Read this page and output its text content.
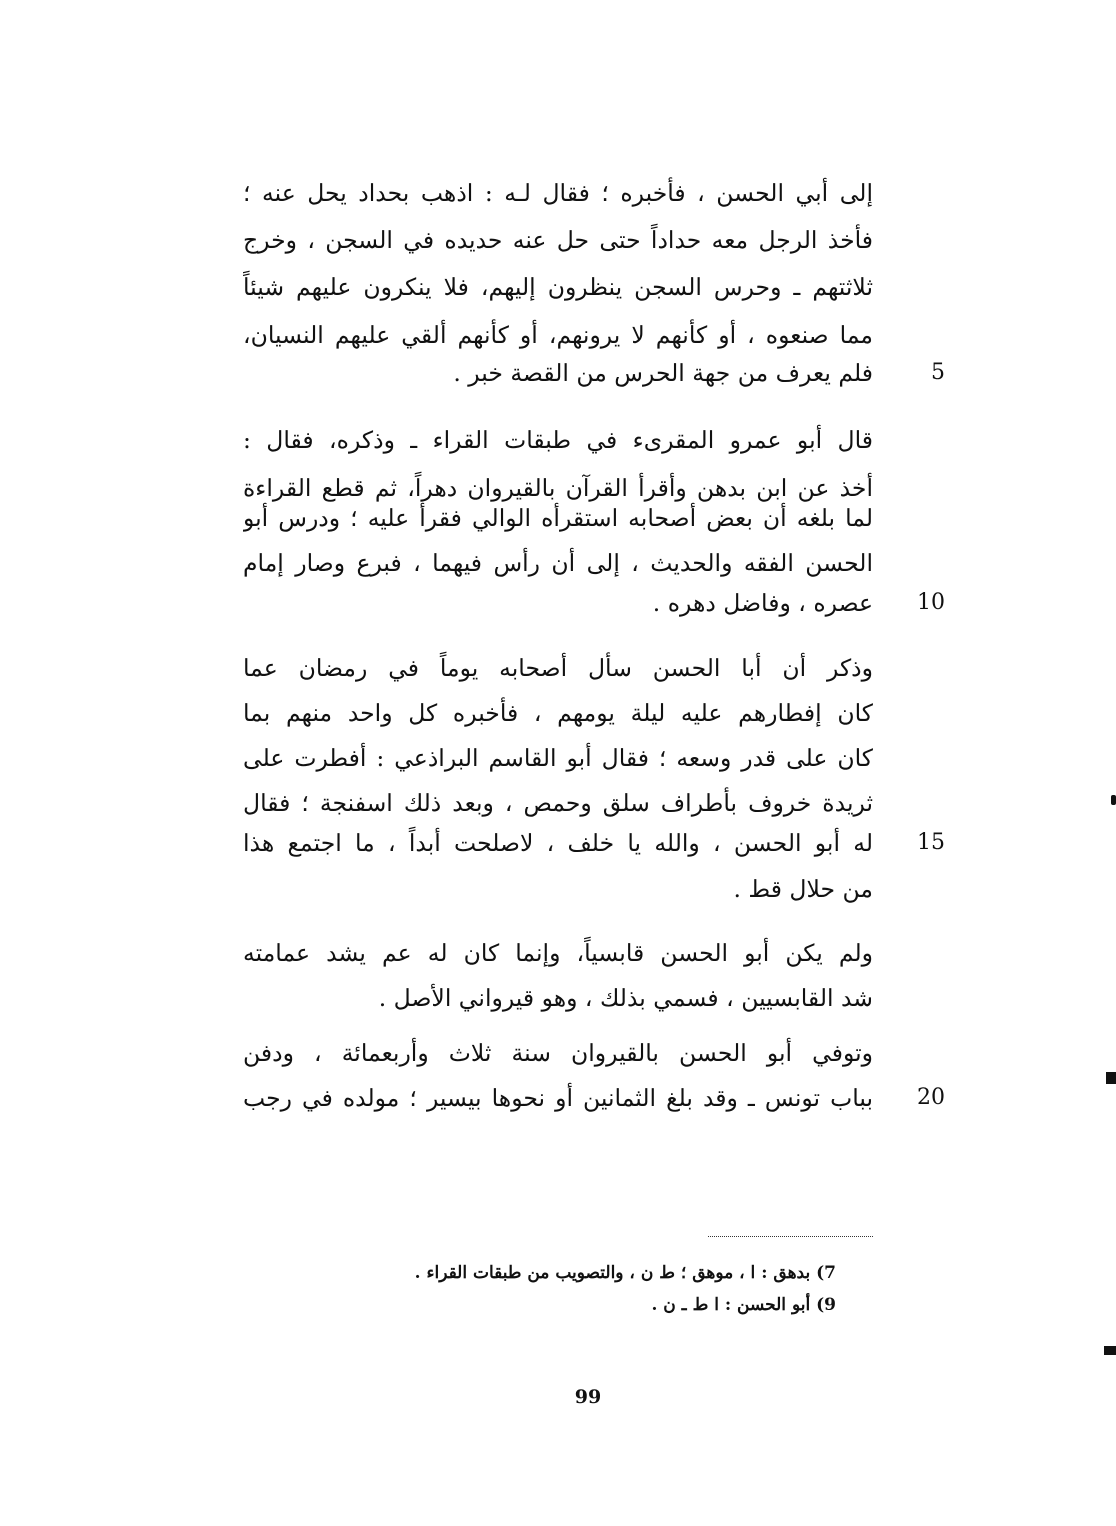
إلى أبي الحسن ، فأخبره ؛ فقال لـه : اذهب بحداد يحل عنه ؛
فأخذ الرجل معه حداداً حتى حل عنه حديده في السجن ، وخرج
ثلاثتهم ـ وحرس السجن ينظرون إليهم، فلا ينكرون عليهم شيئاً
مما صنعوه ، أو كأنهم لا يرونهم، أو كأنهم ألقي عليهم النسيان،
فلم يعرف من جهة الحرس من القصة خبر .	5
قال أبو عمرو المقرىء في طبقات القراء ـ وذكره، فقال :
أخذ عن ابن بدهن وأقرأ القرآن بالقيروان دهراً، ثم قطع القراءة
لما بلغه أن بعض أصحابه استقرأه الوالي فقرأ عليه ؛ ودرس أبو
الحسن الفقه والحديث ، إلى أن رأس فيهما ، فبرع وصار إمام
عصره ، وفاضل دهره .	10
وذكر أن أبا الحسن سأل أصحابه يوماً في رمضان عما
كان إفطارهم عليه ليلة يومهم ، فأخبره كل واحد منهم بما
كان على قدر وسعه ؛ فقال أبو القاسم البراذعي : أفطرت على
ثريدة خروف بأطراف سلق وحمص ، وبعد ذلك اسفنجة ؛ فقال
له أبو الحسن ، والله يا خلف ، لاصلحت أبداً ، ما اجتمع هذا	15
من حلال قط .
ولم يكن أبو الحسن قابسياً، وإنما كان له عم يشد عمامته
شد القابسيين ، فسمي بذلك ، وهو قيرواني الأصل .
وتوفي أبو الحسن بالقيروان سنة ثلاث وأربعمائة ، ودفن
بباب تونس ـ وقد بلغ الثمانين أو نحوها بيسير ؛ مولده في رجب	20
7) بدهق : ا ، موهق ؛ ط ن ، والتصويب من طبقات القراء .
9) أبو الحسن : ا ط ـ ن .
99
